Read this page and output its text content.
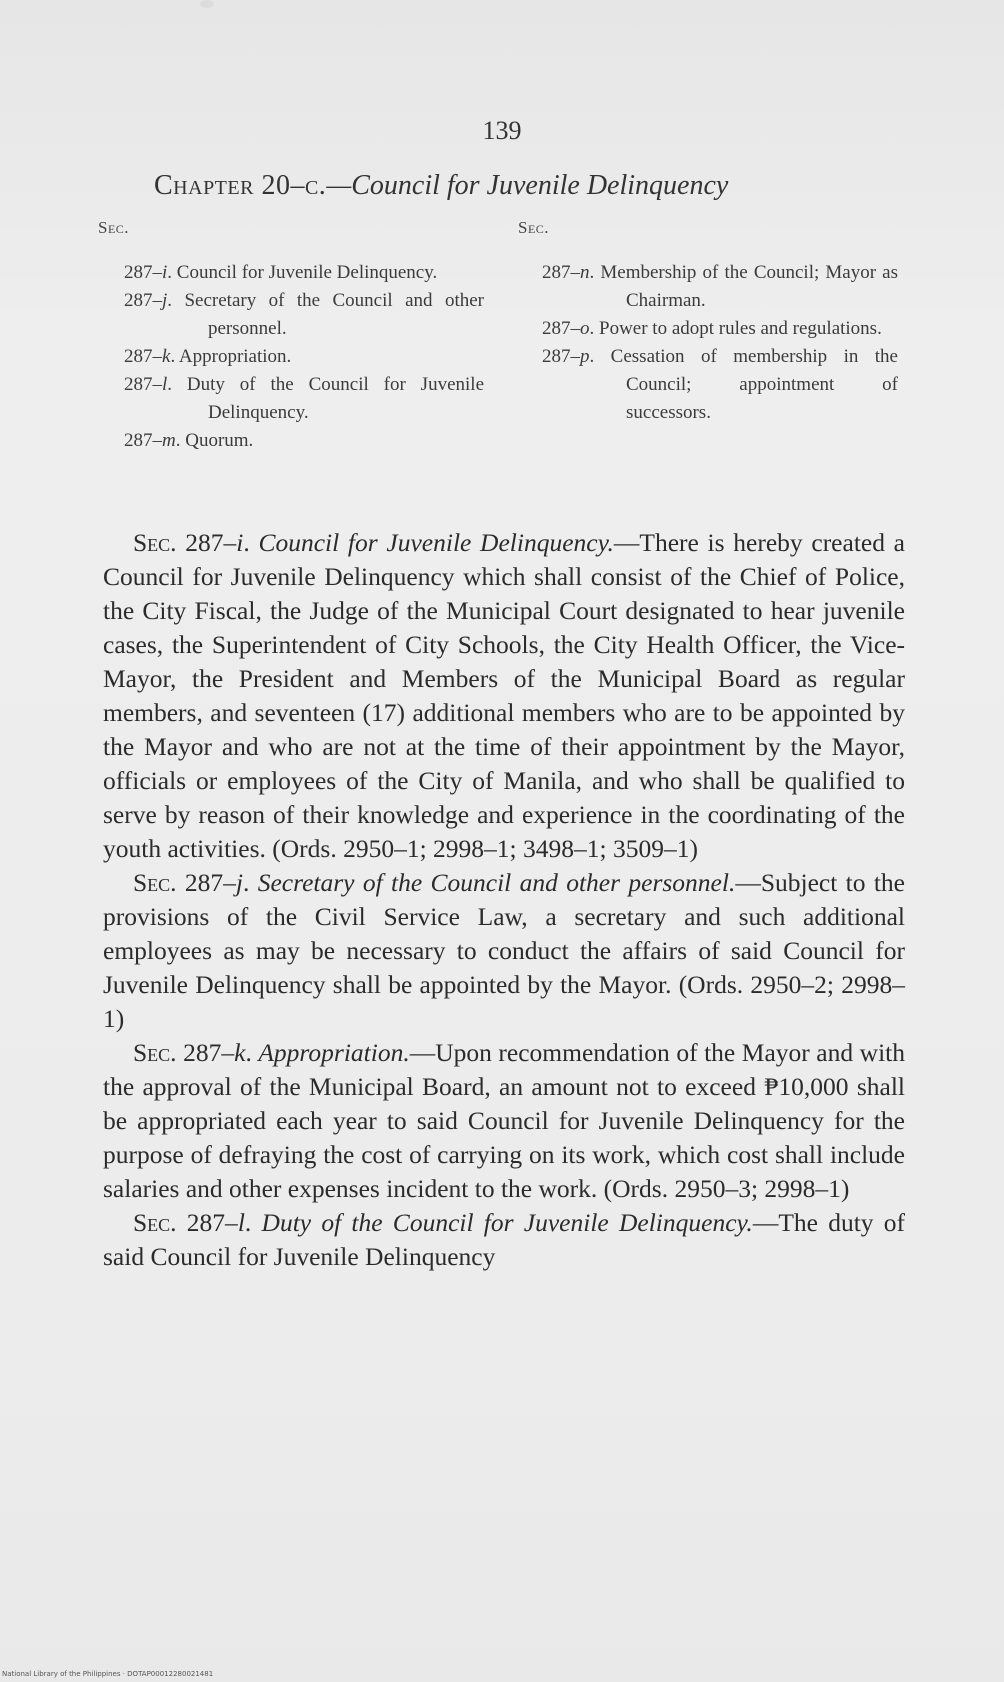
139
Chapter 20–c.—Council for Juvenile Delinquency
Sec.	Sec.
287–i. Council for Juvenile Delinquency.
287–j. Secretary of the Council and other personnel.
287–k. Appropriation.
287–l. Duty of the Council for Juvenile Delinquency.
287–m. Quorum.
287–n. Membership of the Council; Mayor as Chairman.
287–o. Power to adopt rules and regulations.
287–p. Cessation of membership in the Council; appointment of successors.

Sec. 287–i. Council for Juvenile Delinquency.—There is hereby created a Council for Juvenile Delinquency which shall consist of the Chief of Police, the City Fiscal, the Judge of the Municipal Court designated to hear juvenile cases, the Superintendent of City Schools, the City Health Officer, the Vice-Mayor, the President and Members of the Municipal Board as regular members, and seventeen (17) additional members who are to be appointed by the Mayor and who are not at the time of their appointment by the Mayor, officials or employees of the City of Manila, and who shall be qualified to serve by reason of their knowledge and experience in the coordinating of the youth activities. (Ords. 2950–1; 2998–1; 3498–1; 3509–1)

Sec. 287–j. Secretary of the Council and other personnel.—Subject to the provisions of the Civil Service Law, a secretary and such additional employees as may be necessary to conduct the affairs of said Council for Juvenile Delinquency shall be appointed by the Mayor. (Ords. 2950–2; 2998–1)

Sec. 287–k. Appropriation.—Upon recommendation of the Mayor and with the approval of the Municipal Board, an amount not to exceed ₱10,000 shall be appropriated each year to said Council for Juvenile Delinquency for the purpose of defraying the cost of carrying on its work, which cost shall include salaries and other expenses incident to the work. (Ords. 2950–3; 2998–1)

Sec. 287–l. Duty of the Council for Juvenile Delinquency.—The duty of said Council for Juvenile Delinquency

National Library of the Philippines · DOTAP00012280021481
